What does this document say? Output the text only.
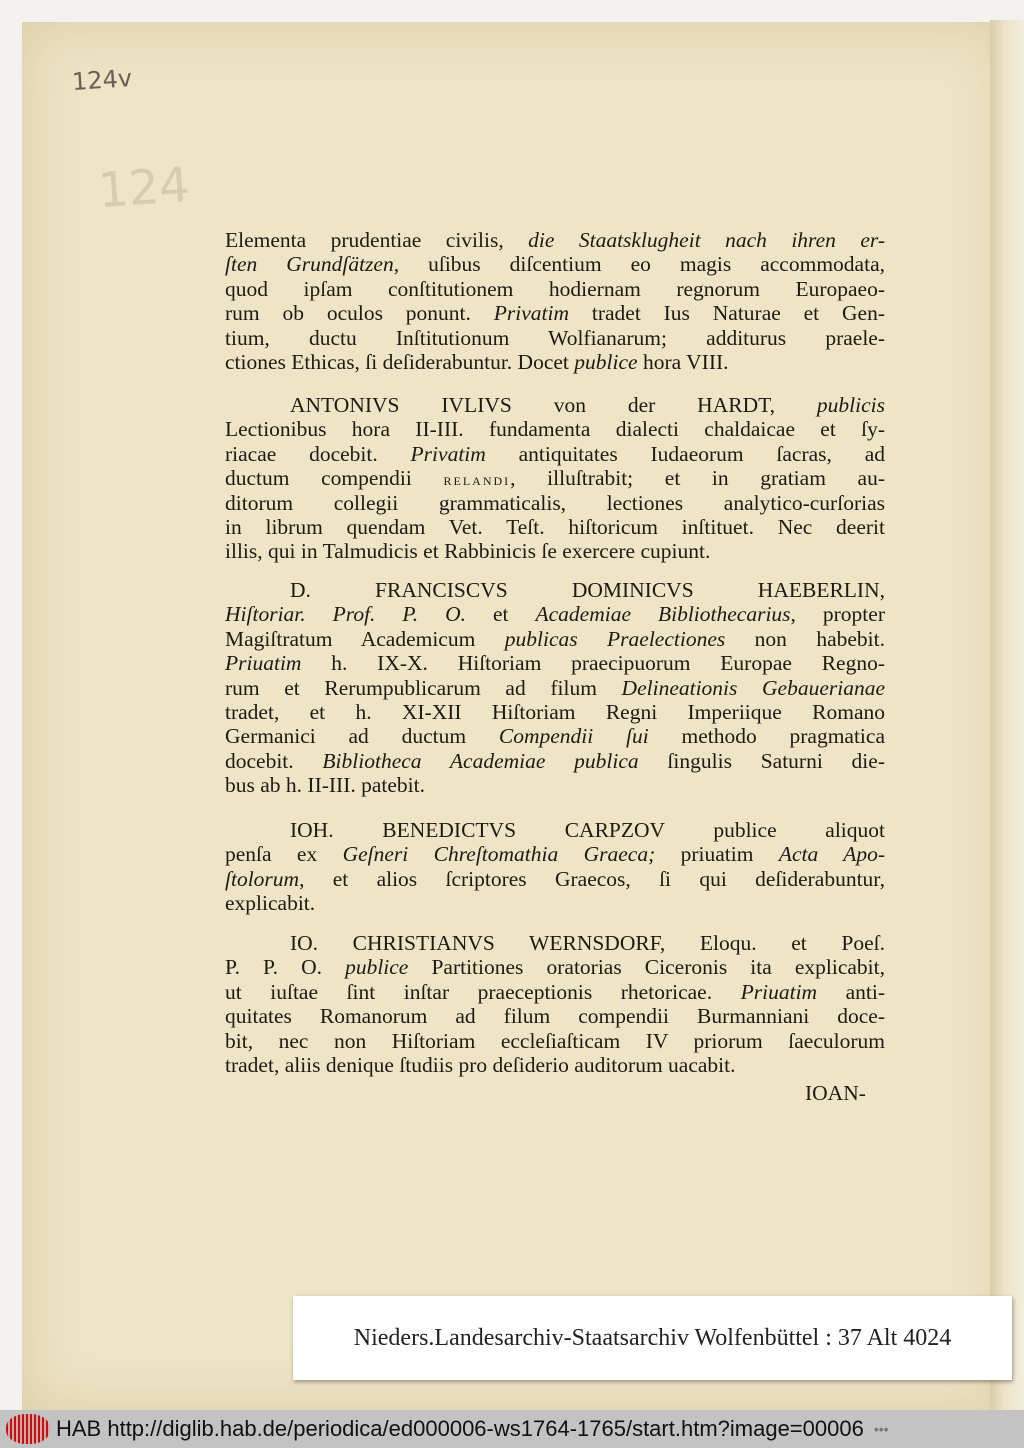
124v
124
Elementa prudentiae civilis, die Staatsklugheit nach ihren er-
ſten Grundſätzen, uſibus diſcentium eo magis accommodata,
quod ipſam conſtitutionem hodiernam regnorum Europaeo-
rum ob oculos ponunt. Privatim tradet Ius Naturae et Gen-
tium, ductu Inſtitutionum Wolfianarum; additurus praele-
ctiones Ethicas, ſi deſiderabuntur. Docet publice hora VIII.
ANTONIVS IVLIVS von der HARDT, publicis
Lectionibus hora II-III. fundamenta dialecti chaldaicae et ſy-
riacae docebit. Privatim antiquitates Iudaeorum ſacras, ad
ductum compendii relandi, illuſtrabit; et in gratiam au-
ditorum collegii grammaticalis, lectiones analytico-curſorias
in librum quendam Vet. Teſt. hiſtoricum inſtituet. Nec deerit
illis, qui in Talmudicis et Rabbinicis ſe exercere cupiunt.
D. FRANCISCVS DOMINICVS HAEBERLIN,
Hiſtoriar. Prof. P. O. et Academiae Bibliothecarius, propter
Magiſtratum Academicum publicas Praelectiones non habebit.
Priuatim h. IX-X. Hiſtoriam praecipuorum Europae Regno-
rum et Rerumpublicarum ad filum Delineationis Gebauerianae
tradet, et h. XI-XII Hiſtoriam Regni Imperiique Romano
Germanici ad ductum Compendii ſui methodo pragmatica
docebit. Bibliotheca Academiae publica ſingulis Saturni die-
bus ab h. II-III. patebit.
IOH. BENEDICTVS CARPZOV publice aliquot
penſa ex Geſneri Chreſtomathia Graeca; priuatim Acta Apo-
ſtolorum, et alios ſcriptores Graecos, ſi qui deſiderabuntur,
explicabit.
IO. CHRISTIANVS WERNSDORF, Eloqu. et Poeſ.
P. P. O. publice Partitiones oratorias Ciceronis ita explicabit,
ut iuſtae ſint inſtar praeceptionis rhetoricae. Priuatim anti-
quitates Romanorum ad filum compendii Burmanniani doce-
bit, nec non Hiſtoriam eccleſiaſticam IV priorum ſaeculorum
tradet, aliis denique ſtudiis pro deſiderio auditorum uacabit.
IOAN-
Nieders.Landesarchiv-Staatsarchiv Wolfenbüttel : 37 Alt 4024
HAB http://diglib.hab.de/periodica/ed000006-ws1764-1765/start.htm?image=00006 •••
